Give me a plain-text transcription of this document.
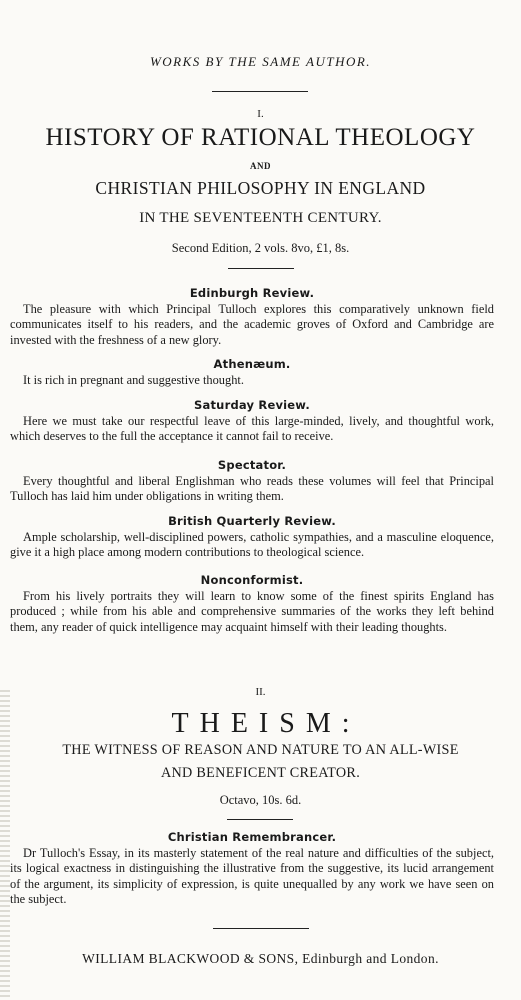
WORKS BY THE SAME AUTHOR.
I.
HISTORY OF RATIONAL THEOLOGY
AND
CHRISTIAN PHILOSOPHY IN ENGLAND
IN THE SEVENTEENTH CENTURY.
Second Edition, 2 vols. 8vo, £1, 8s.
Edinburgh Review.
The pleasure with which Principal Tulloch explores this comparatively unknown field communicates itself to his readers, and the academic groves of Oxford and Cambridge are invested with the freshness of a new glory.
Athenæum.
It is rich in pregnant and suggestive thought.
Saturday Review.
Here we must take our respectful leave of this large-minded, lively, and thoughtful work, which deserves to the full the acceptance it cannot fail to receive.
Spectator.
Every thoughtful and liberal Englishman who reads these volumes will feel that Principal Tulloch has laid him under obligations in writing them.
British Quarterly Review.
Ample scholarship, well-disciplined powers, catholic sympathies, and a masculine eloquence, give it a high place among modern contributions to theological science.
Nonconformist.
From his lively portraits they will learn to know some of the finest spirits England has produced ; while from his able and comprehensive summaries of the works they left behind them, any reader of quick intelligence may acquaint himself with their leading thoughts.
II.
THEISM:
THE WITNESS OF REASON AND NATURE TO AN ALL-WISE
AND BENEFICENT CREATOR.
Octavo, 10s. 6d.
Christian Remembrancer.
Dr Tulloch's Essay, in its masterly statement of the real nature and difficulties of the subject, its logical exactness in distinguishing the illustrative from the suggestive, its lucid arrangement of the argument, its simplicity of expression, is quite unequalled by any work we have seen on the subject.
WILLIAM BLACKWOOD & SONS, Edinburgh and London.
